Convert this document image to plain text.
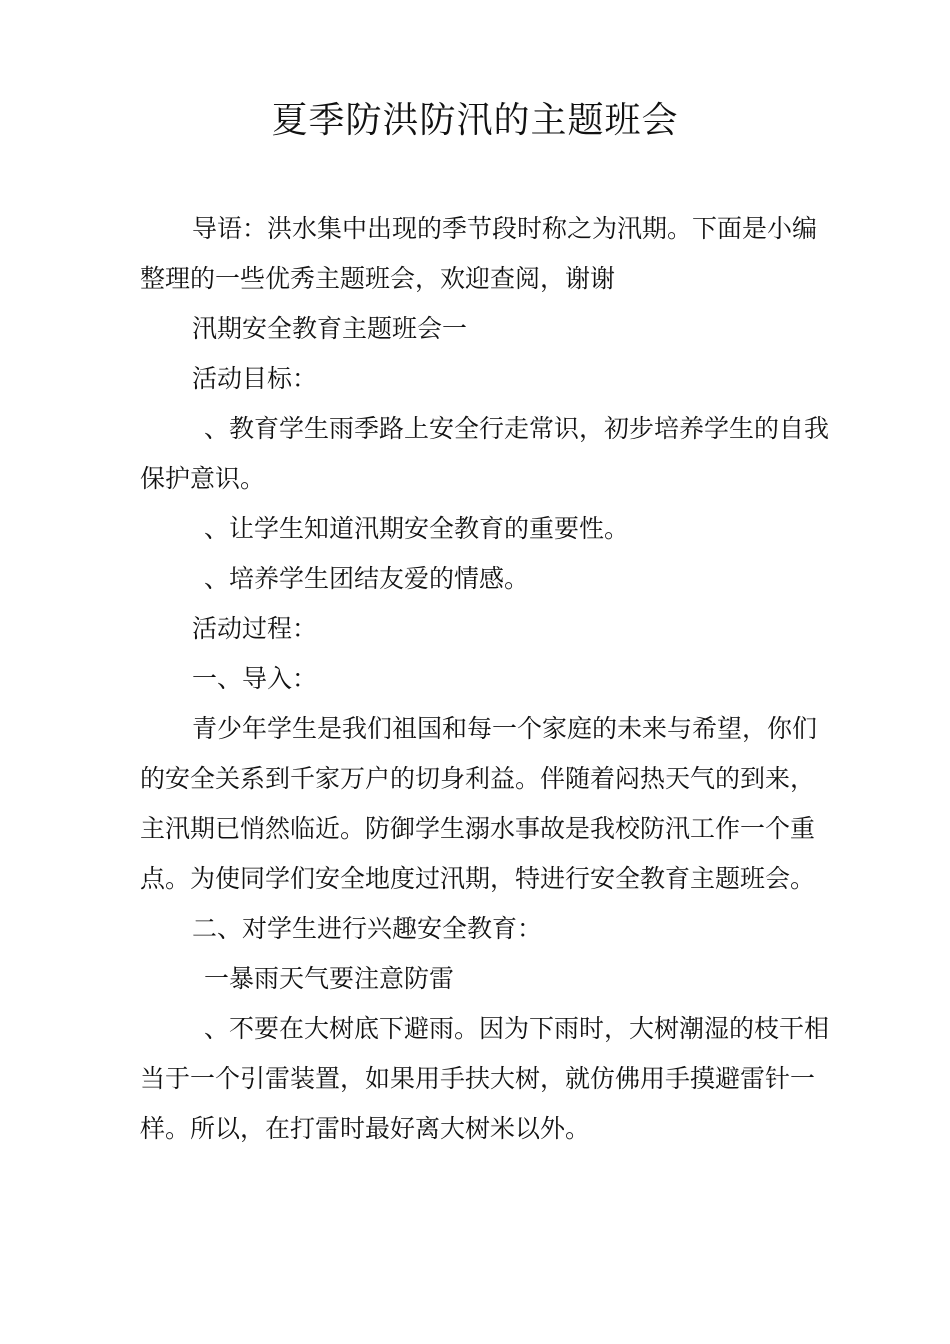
夏季防洪防汛的主题班会

导语：洪水集中出现的季节段时称之为汛期。下面是小编整理的一些优秀主题班会，欢迎查阅，谢谢

汛期安全教育主题班会一

活动目标：

、教育学生雨季路上安全行走常识，初步培养学生的自我保护意识。

、让学生知道汛期安全教育的重要性。

、培养学生团结友爱的情感。

活动过程：

一、导入：

青少年学生是我们祖国和每一个家庭的未来与希望，你们的安全关系到千家万户的切身利益。伴随着闷热天气的到来，主汛期已悄然临近。防御学生溺水事故是我校防汛工作一个重点。为使同学们安全地度过汛期，特进行安全教育主题班会。

二、对学生进行兴趣安全教育：

一暴雨天气要注意防雷

、不要在大树底下避雨。因为下雨时，大树潮湿的枝干相当于一个引雷装置，如果用手扶大树，就仿佛用手摸避雷针一样。所以，在打雷时最好离大树米以外。
